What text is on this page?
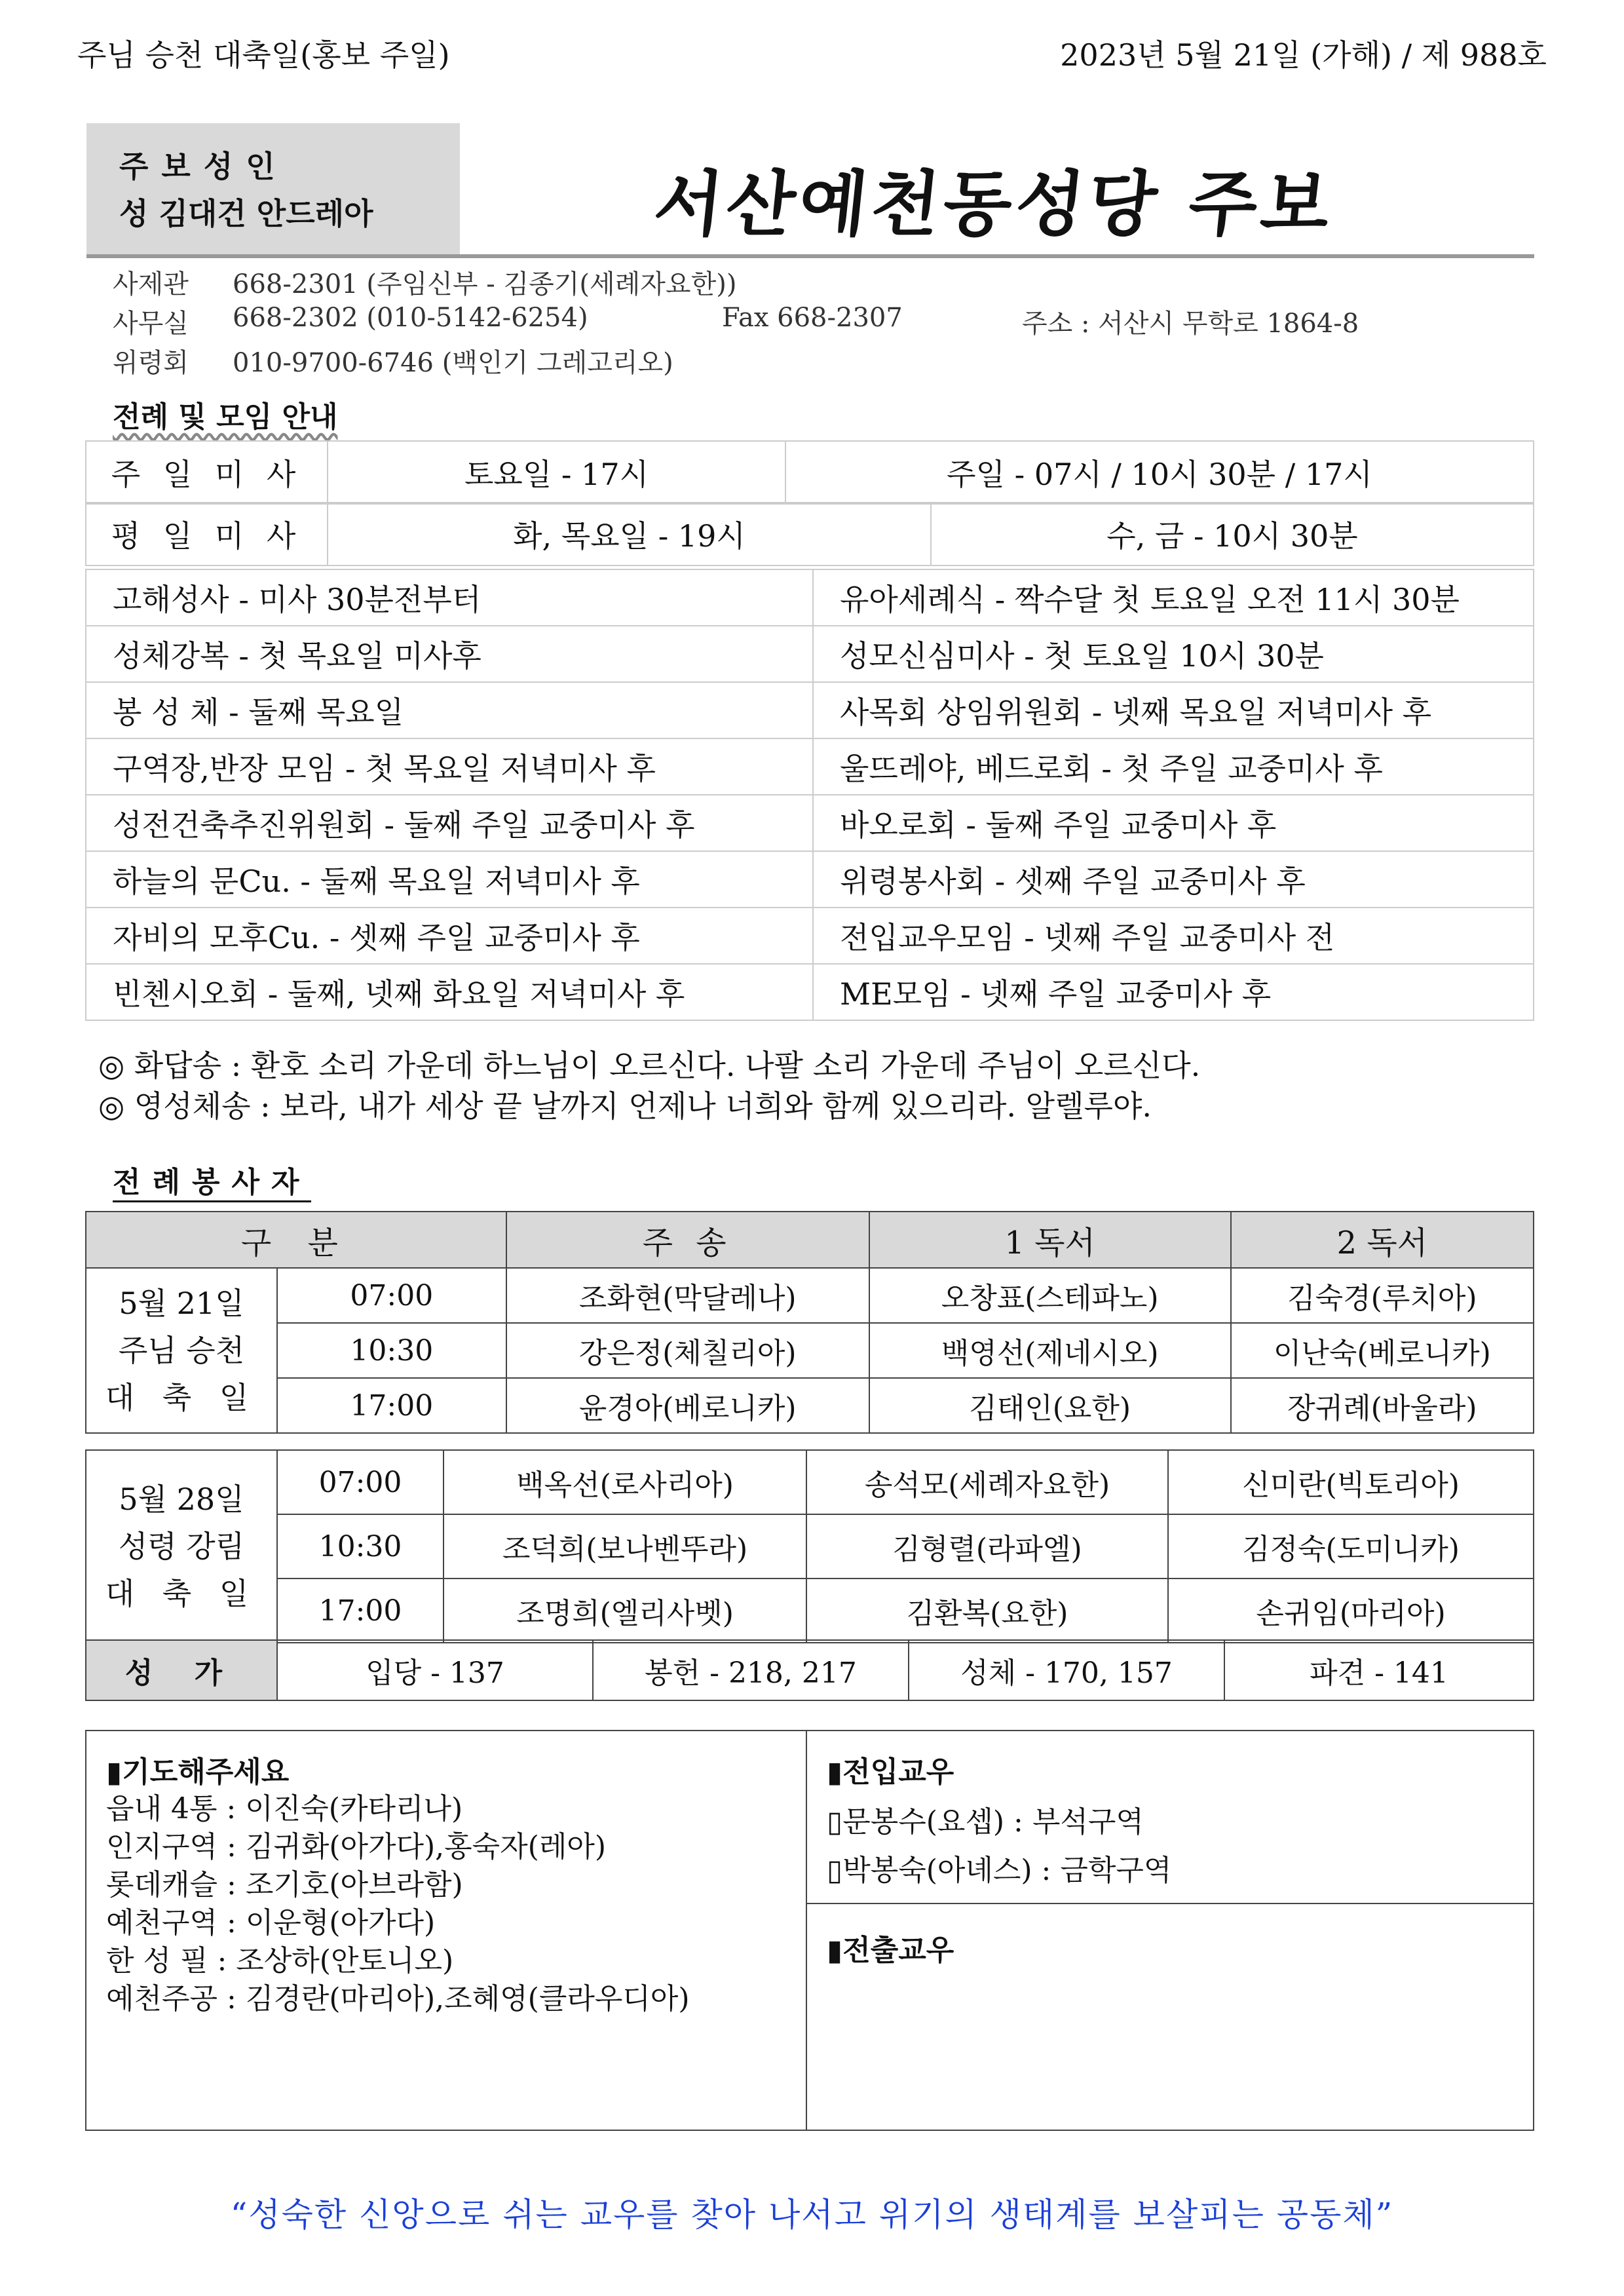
주님 승천 대축일(홍보 주일)	2023년 5월 21일 (가해) / 제 988호
주보성인
성 김대건 안드레아	서산예천동성당 주보
사제관 668-2301 (주임신부 - 김종기(세례자요한))
사무실 668-2302 (010-5142-6254)	Fax 668-2307	주소 : 서산시 무학로 1864-8
위령회 010-9700-6746 (백인기 그레고리오)
전례 및 모임 안내
주 일 미 사	토요일 - 17시	주일 - 07시 / 10시 30분 / 17시
평 일 미 사	화, 목요일 - 19시	수, 금 - 10시 30분
고해성사 - 미사 30분전부터	유아세례식 - 짝수달 첫 토요일 오전 11시 30분
성체강복 - 첫 목요일 미사후	성모신심미사 - 첫 토요일 10시 30분
봉 성 체 - 둘째 목요일	사목회 상임위원회 - 넷째 목요일 저녁미사 후
구역장,반장 모임 - 첫 목요일 저녁미사 후	울뜨레야, 베드로회 - 첫 주일 교중미사 후
성전건축추진위원회 - 둘째 주일 교중미사 후	바오로회 - 둘째 주일 교중미사 후
하늘의 문Cu. - 둘째 목요일 저녁미사 후	위령봉사회 - 셋째 주일 교중미사 후
자비의 모후Cu. - 셋째 주일 교중미사 후	전입교우모임 - 넷째 주일 교중미사 전
빈첸시오회 - 둘째, 넷째 화요일 저녁미사 후	ME모임 - 넷째 주일 교중미사 후
◎ 화답송 : 환호 소리 가운데 하느님이 오르신다. 나팔 소리 가운데 주님이 오르신다.
◎ 영성체송 : 보라, 내가 세상 끝 날까지 언제나 너희와 함께 있으리라. 알렐루야.
전례봉사자
구 분		주 송	1 독서	2 독서

5월 21일
주님 승천
대 축 일	07:00	조화현(막달레나)	오창표(스테파노)	김숙경(루치아)
	10:30	강은정(체칠리아)	백영선(제네시오)	이난숙(베로니카)
	17:00	윤경아(베로니카)	김태인(요한)	장귀례(바울라)
5월 28일
성령 강림
대 축 일	07:00	백옥선(로사리아)	송석모(세례자요한)	신미란(빅토리아)
	10:30	조덕희(보나벤뚜라)	김형렬(라파엘)	김정숙(도미니카)
	17:00	조명희(엘리사벳)	김환복(요한)	손귀임(마리아)
성 가	입당 - 137	봉헌 - 218, 217	성체 - 170, 157	파견 - 141
▮기도해주세요
읍내 4통 : 이진숙(카타리나)
인지구역 : 김귀화(아가다),홍숙자(레아)
롯데캐슬 : 조기호(아브라함)
예천구역 : 이운형(아가다)
한 성 필 : 조상하(안토니오)
예천주공 : 김경란(마리아),조혜영(클라우디아)
▮전입교우
▯문봉수(요셉) : 부석구역
▯박봉숙(아녜스) : 금학구역
▮전출교우
“성숙한 신앙으로 쉬는 교우를 찾아 나서고 위기의 생태계를 보살피는 공동체”
